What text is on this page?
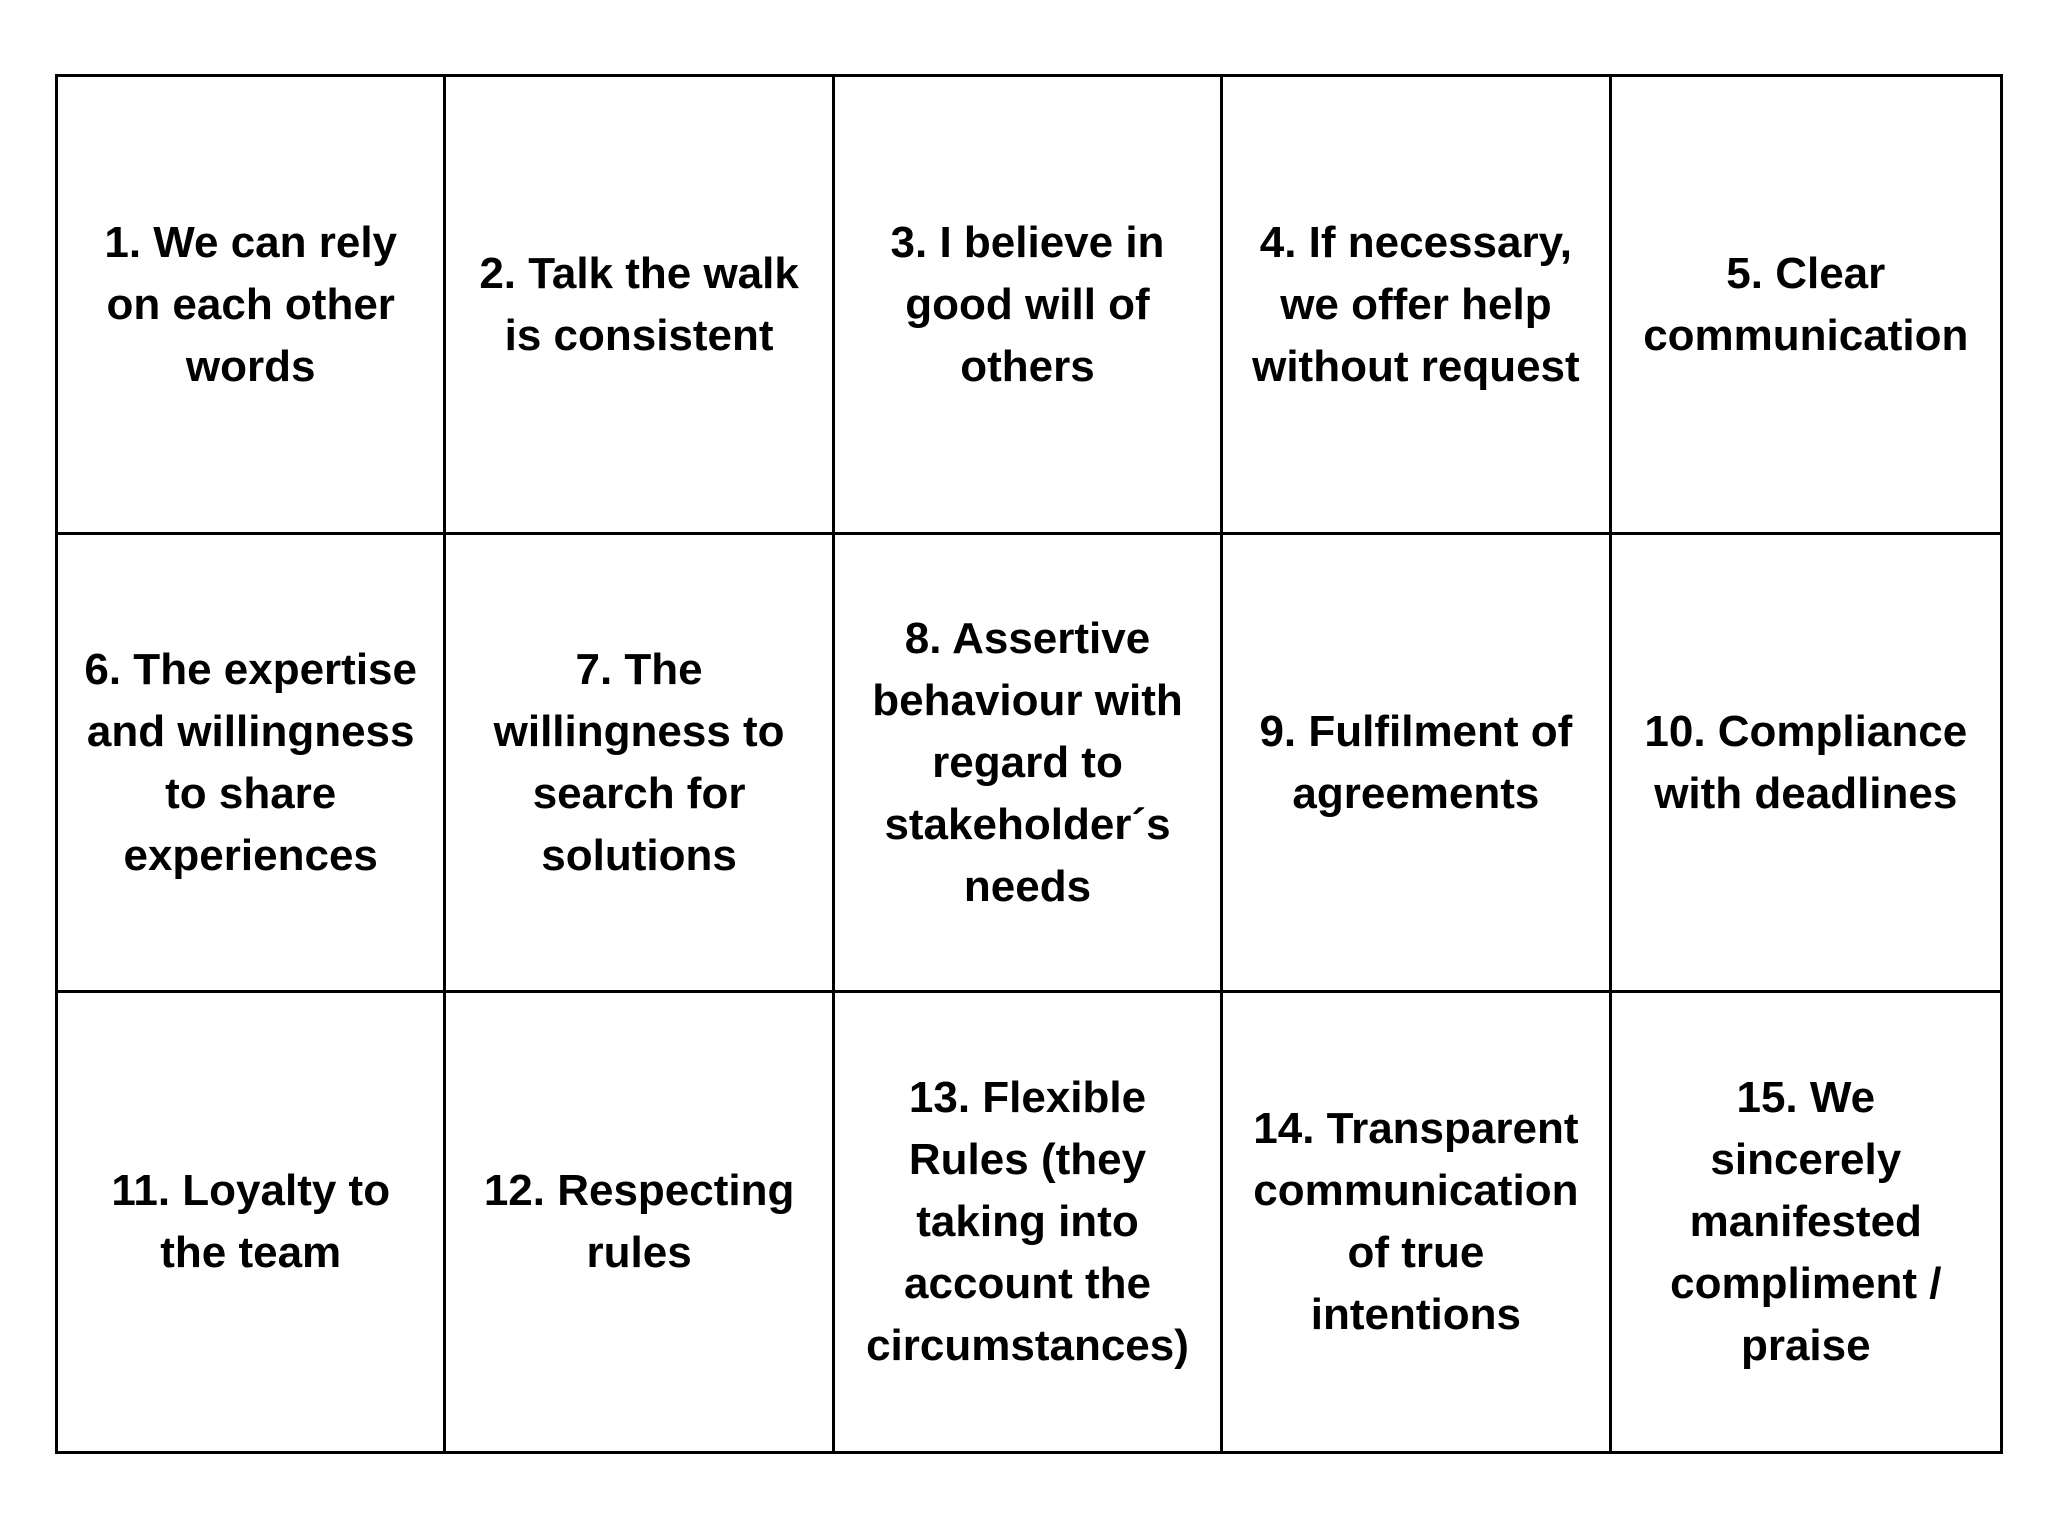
1. We can rely
on each other
words
2. Talk the walk
is consistent
3. I believe in
good will of
others
4. If necessary,
we offer help
without request
5. Clear
communication
6. The expertise
and willingness
to share
experiences
7. The
willingness to
search for
solutions
8. Assertive
behaviour with
regard to
stakeholder´s
needs
9. Fulfilment of
agreements
10. Compliance
with deadlines
11. Loyalty to
the team
12. Respecting
rules
13. Flexible
Rules (they
taking into
account the
circumstances)
14. Transparent
communication
of true
intentions
15. We
sincerely
manifested
compliment /
praise
